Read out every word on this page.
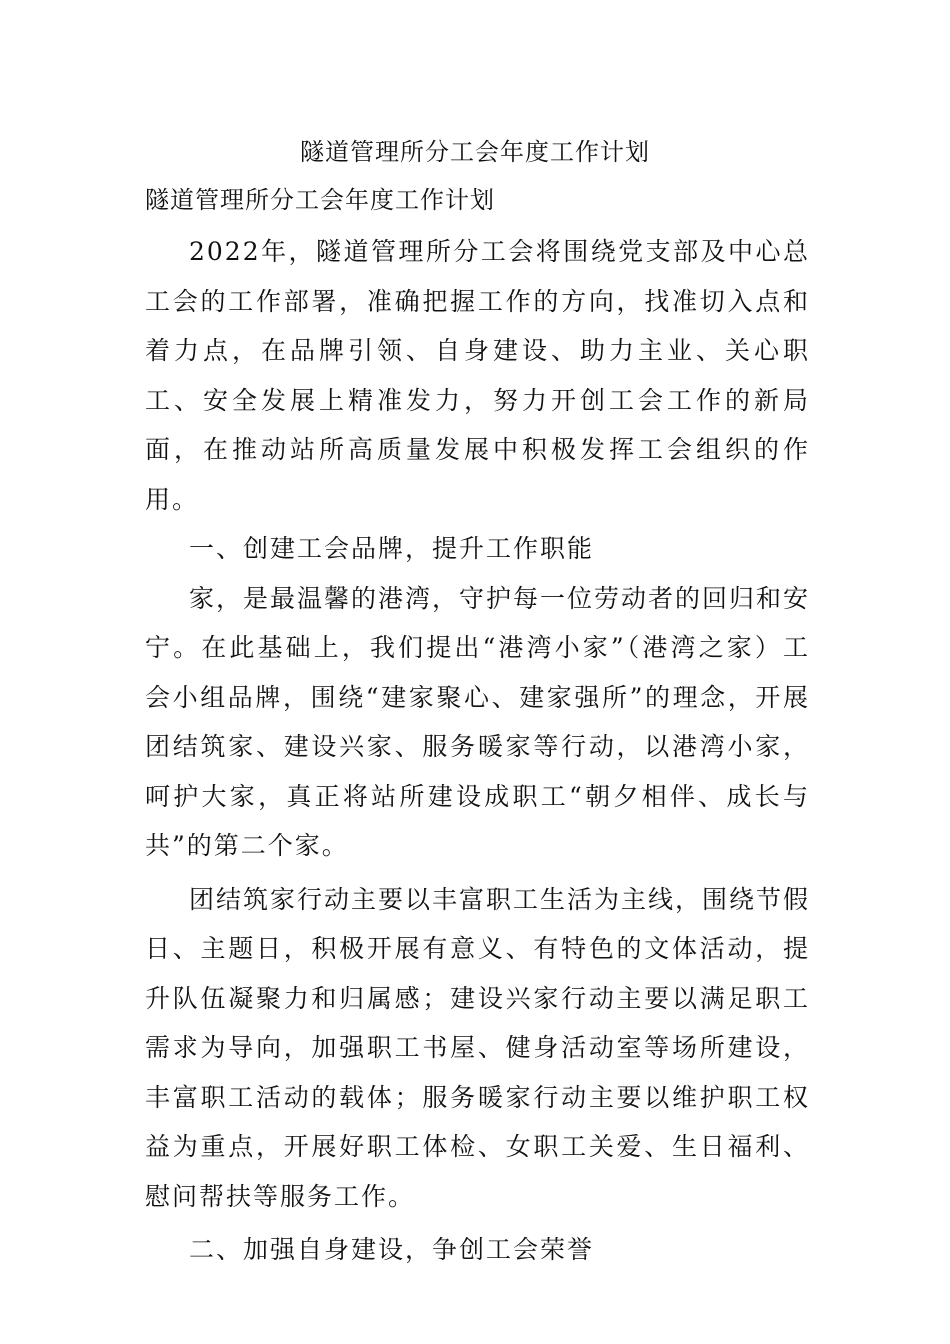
隧道管理所分工会年度工作计划
隧道管理所分工会年度工作计划

2022年，隧道管理所分工会将围绕党支部及中心总工会的工作部署，准确把握工作的方向，找准切入点和着力点，在品牌引领、自身建设、助力主业、关心职工、安全发展上精准发力，努力开创工会工作的新局面，在推动站所高质量发展中积极发挥工会组织的作用。

一、创建工会品牌，提升工作职能

家，是最温馨的港湾，守护每一位劳动者的回归和安宁。在此基础上，我们提出“港湾小家”（港湾之家）工会小组品牌，围绕“建家聚心、建家强所”的理念，开展团结筑家、建设兴家、服务暖家等行动，以港湾小家，呵护大家，真正将站所建设成职工“朝夕相伴、成长与共”的第二个家。

团结筑家行动主要以丰富职工生活为主线，围绕节假日、主题日，积极开展有意义、有特色的文体活动，提升队伍凝聚力和归属感；建设兴家行动主要以满足职工需求为导向，加强职工书屋、健身活动室等场所建设，丰富职工活动的载体；服务暖家行动主要以维护职工权益为重点，开展好职工体检、女职工关爱、生日福利、慰问帮扶等服务工作。

二、加强自身建设，争创工会荣誉
